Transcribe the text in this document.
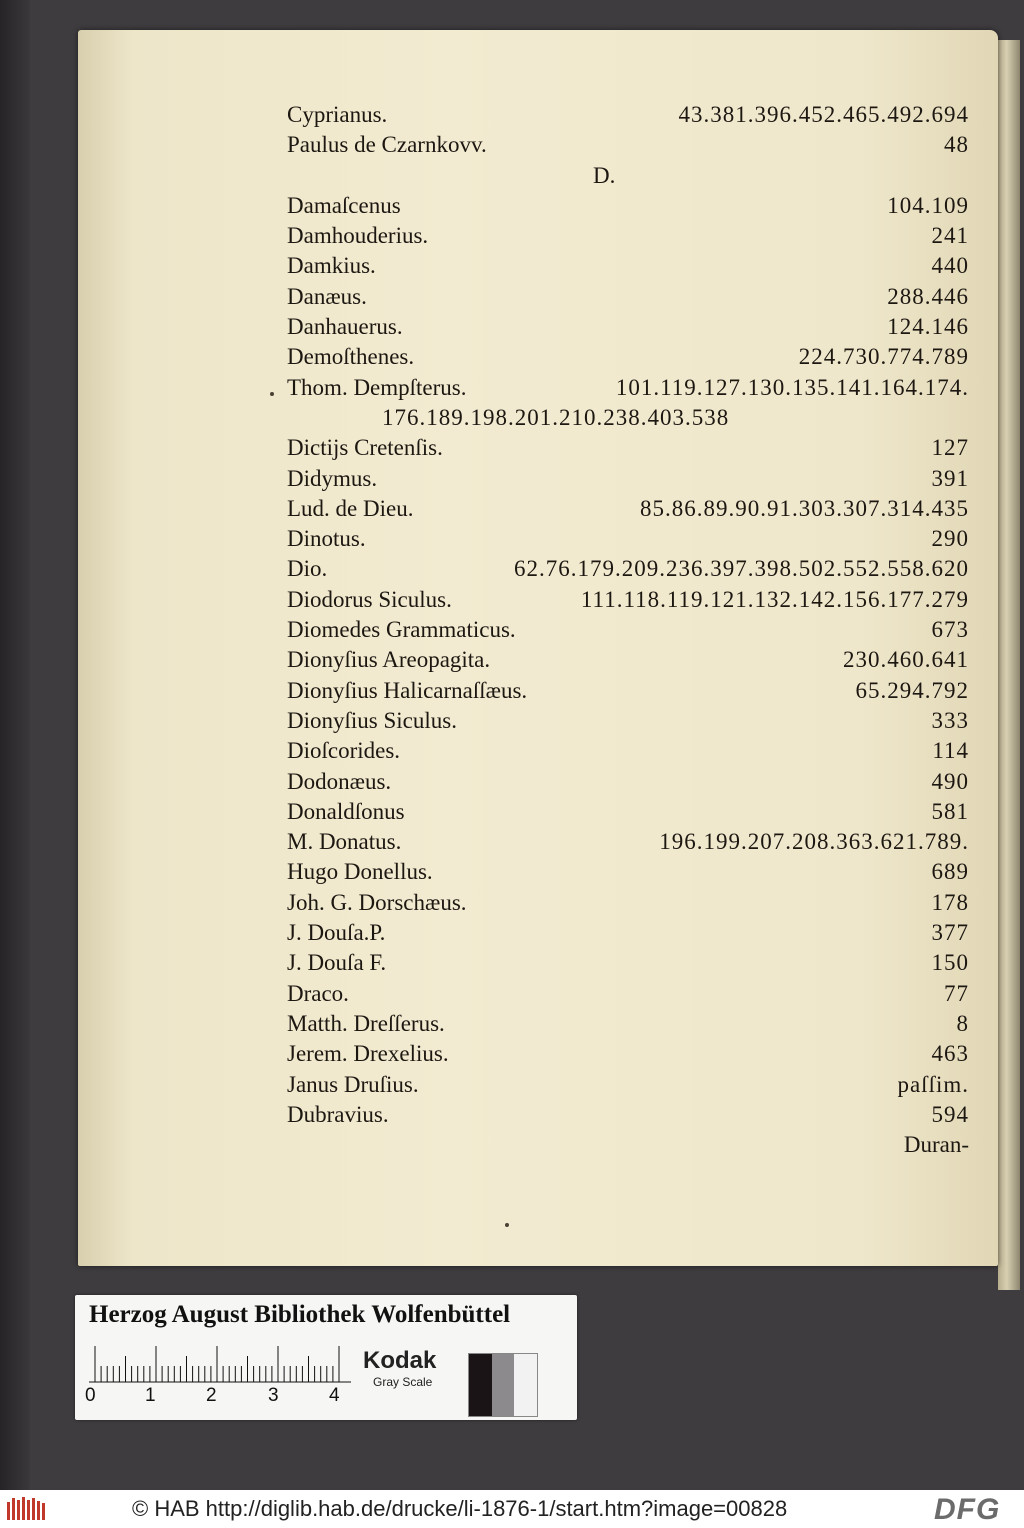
Cyprianus.	43.381.396.452.465.492.694
Paulus de Czarnkovv.	48
D.
Damaſcenus	104.109
Damhouderius.	241
Damkius.	440
Danæus.	288.446
Danhauerus.	124.146
Demoſthenes.	224.730.774.789
Thom. Dempſterus.	101.119.127.130.135.141.164.174.
176.189.198.201.210.238.403.538
Dictijs Cretenſis.	127
Didymus.	391
Lud. de Dieu.	85.86.89.90.91.303.307.314.435
Dinotus.	290
Dio.	62.76.179.209.236.397.398.502.552.558.620
Diodorus Siculus.	111.118.119.121.132.142.156.177.279
Diomedes Grammaticus.	673
Dionyſius Areopagita.	230.460.641
Dionyſius Halicarnaſſæus.	65.294.792
Dionyſius Siculus.	333
Dioſcorides.	114
Dodonæus.	490
Donaldſonus	581
M. Donatus.	196.199.207.208.363.621.789.
Hugo Donellus.	689
Joh. G. Dorschæus.	178
J. Douſa.P.	377
J. Douſa F.	150
Draco.	77
Matth. Dreſſerus.	8
Jerem. Drexelius.	463
Janus Druſius.	paſſim.
Dubravius.	594
Duran-
Herzog August Bibliothek Wolfenbüttel
0	1	2	3	4
Kodak
Gray Scale
© HAB http://diglib.hab.de/drucke/li-1876-1/start.htm?image=00828	DFG
